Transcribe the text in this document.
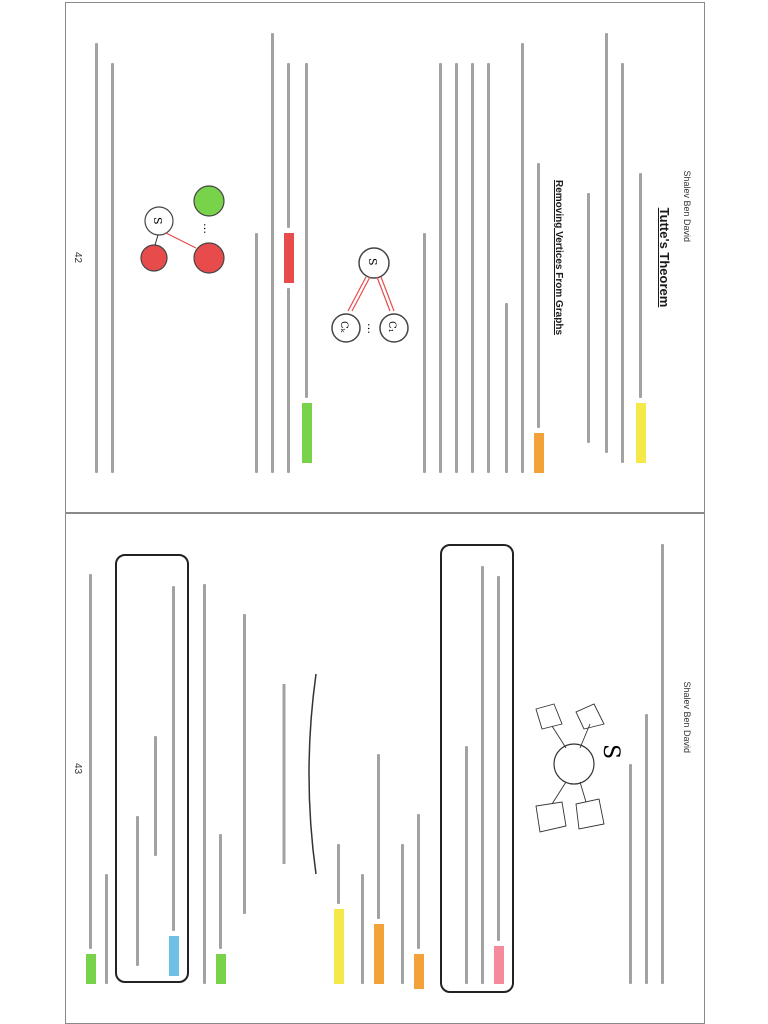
Shalev Ben David
Tutte's Theorem
Removing Vertices From Graphs
S
C₁
…
Cₖ
…
S
42
Shalev Ben David
S
43
